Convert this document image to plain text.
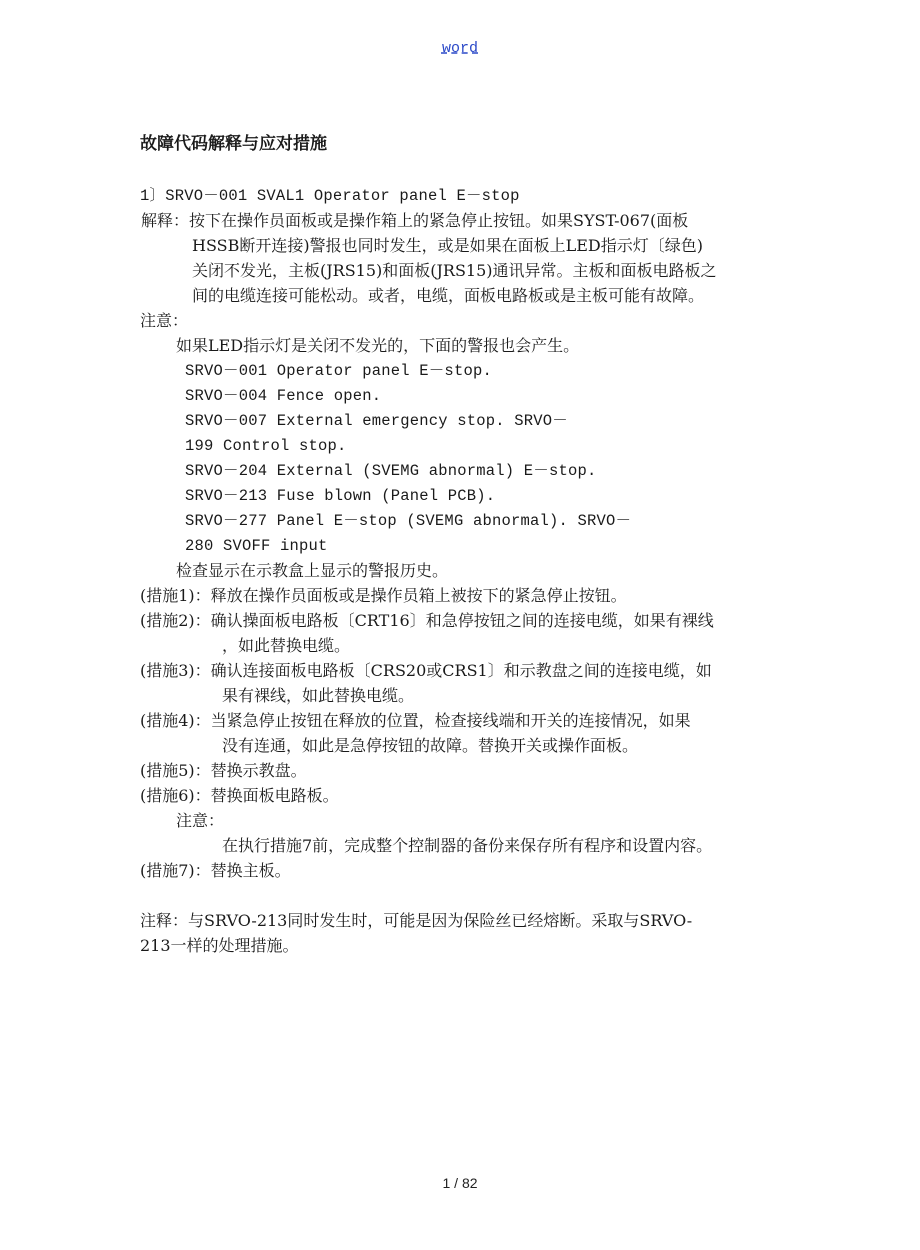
word
故障代码解释与应对措施
1〕SRVO－001 SVAL1 Operator panel E－stop
解释：按下在操作员面板或是操作箱上的紧急停止按钮。如果SYST-067(面板
HSSB断开连接)警报也同时发生，或是如果在面板上LED指示灯〔绿色)
关闭不发光，主板(JRS15)和面板(JRS15)通讯异常。主板和面板电路板之
间的电缆连接可能松动。或者，电缆，面板电路板或是主板可能有故障。
注意：
如果LED指示灯是关闭不发光的，下面的警报也会产生。
SRVO－001 Operator panel E－stop.
SRVO－004 Fence open.
SRVO－007 External emergency stop. SRVO－
199 Control stop.
SRVO－204 External (SVEMG abnormal) E－stop.
SRVO－213 Fuse blown (Panel PCB).
SRVO－277 Panel E－stop (SVEMG abnormal). SRVO－
280 SVOFF input
检查显示在示教盒上显示的警报历史。
(措施1)：释放在操作员面板或是操作员箱上被按下的紧急停止按钮。
(措施2)：确认操面板电路板〔CRT16〕和急停按钮之间的连接电缆，如果有裸线
，如此替换电缆。
(措施3)：确认连接面板电路板〔CRS20或CRS1〕和示教盘之间的连接电缆，如
果有裸线，如此替换电缆。
(措施4)：当紧急停止按钮在释放的位置，检查接线端和开关的连接情况，如果
没有连通，如此是急停按钮的故障。替换开关或操作面板。
(措施5)：替换示教盘。
(措施6)：替换面板电路板。
注意：
在执行措施7前，完成整个控制器的备份来保存所有程序和设置内容。
(措施7)：替换主板。
注释：与SRVO-213同时发生时，可能是因为保险丝已经熔断。采取与SRVO-
213一样的处理措施。
1 / 82
